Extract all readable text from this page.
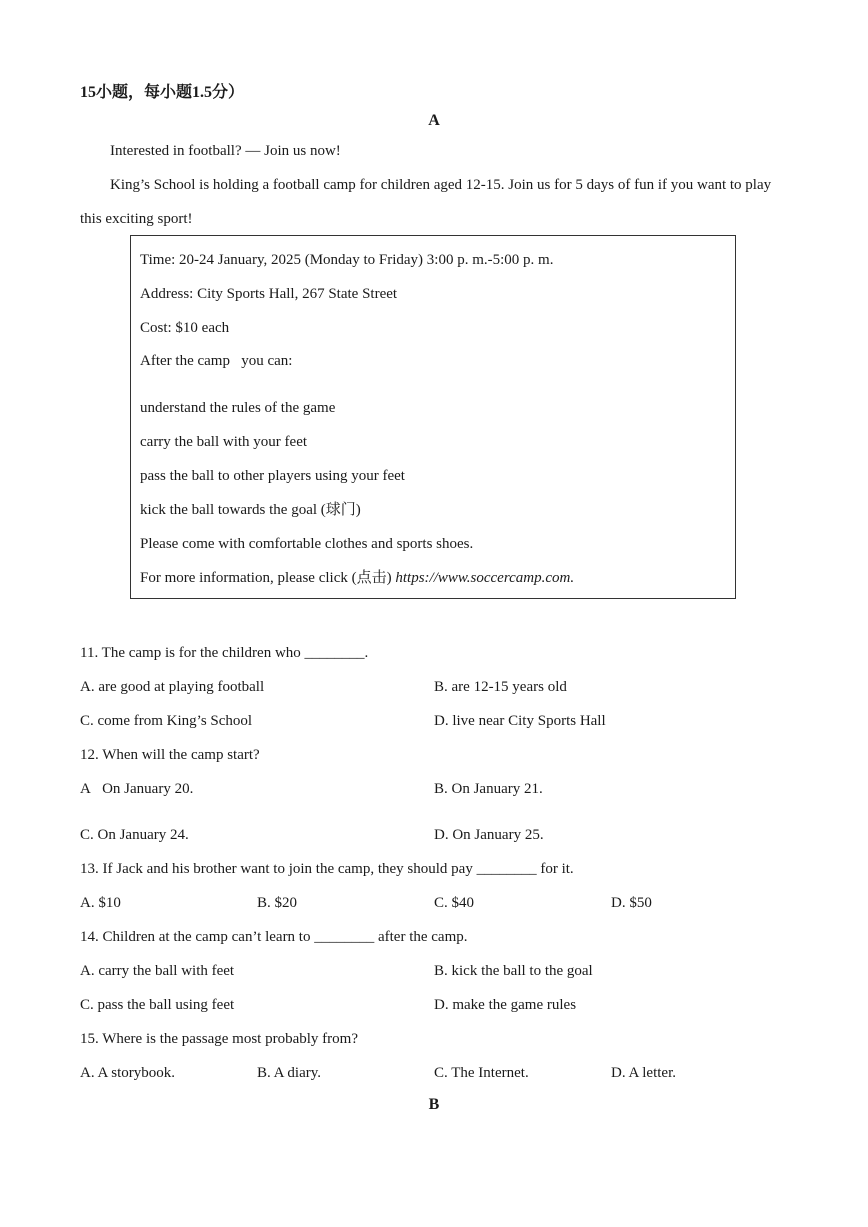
15小题，每小题1.5分）
A
Interested in football? — Join us now!
King’s School is holding a football camp for children aged 12-15. Join us for 5 days of fun if you want to play
this exciting sport!
Time: 20-24 January, 2025 (Monday to Friday) 3:00 p. m.-5:00 p. m.
Address: City Sports Hall, 267 State Street
Cost: $10 each
After the camp   you can:
understand the rules of the game
carry the ball with your feet
pass the ball to other players using your feet
kick the ball towards the goal (球门)
Please come with comfortable clothes and sports shoes.
For more information, please click (点击) https://www.soccercamp.com.
11. The camp is for the children who ________.
A. are good at playing football	B. are 12-15 years old
C. come from King’s School	D. live near City Sports Hall
12. When will the camp start?
A   On January 20.	B. On January 21.
C. On January 24.	D. On January 25.
13. If Jack and his brother want to join the camp, they should pay ________ for it.
A. $10	B. $20	C. $40	D. $50
14. Children at the camp can’t learn to ________ after the camp.
A. carry the ball with feet	B. kick the ball to the goal
C. pass the ball using feet	D. make the game rules
15. Where is the passage most probably from?
A. A storybook.	B. A diary.	C. The Internet.	D. A letter.
B
